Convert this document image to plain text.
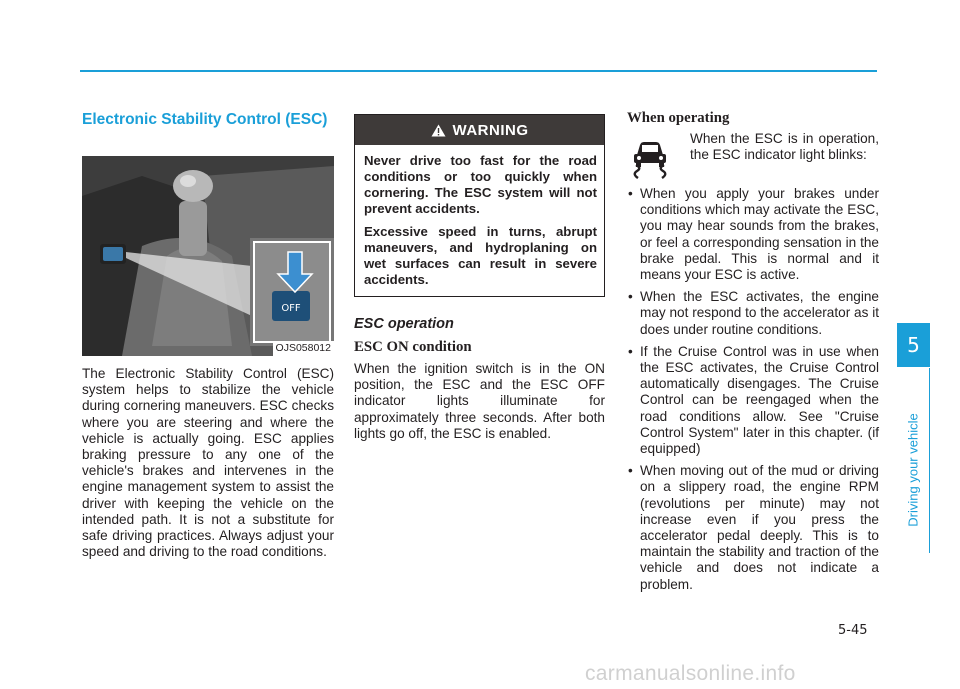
Electronic Stability Control (ESC)
OFF
OJS058012
The Electronic Stability Control (ESC) system helps to stabilize the vehicle during cornering maneuvers. ESC checks where you are steering and where the vehicle is actually going. ESC applies braking pressure to any one of the vehicle's brakes and intervenes in the engine management system to assist the driver with keeping the vehicle on the intended path. It is not a substitute for safe driving practices. Always adjust your speed and driving to the road conditions.
WARNING

Never drive too fast for the road conditions or too quickly when cornering. The ESC system will not prevent accidents.

Excessive speed in turns, abrupt maneuvers, and hydroplaning on wet surfaces can result in severe accidents.

ESC operation
ESC ON condition
When the ignition switch is in the ON position, the ESC and the ESC OFF indicator lights illuminate for approximately three seconds. After both lights go off, the ESC is enabled.
When operating
When the ESC is in operation, the ESC indicator light blinks:
• When you apply your brakes under conditions which may activate the ESC, you may hear sounds from the brakes, or feel a corresponding sensation in the brake pedal. This is normal and it means your ESC is active.
• When the ESC activates, the engine may not respond to the accelerator as it does under routine conditions.
• If the Cruise Control was in use when the ESC activates, the Cruise Control automatically disengages. The Cruise Control can be reengaged when the road conditions allow. See "Cruise Control System" later in this chapter. (if equipped)
• When moving out of the mud or driving on a slippery road, the engine RPM (revolutions per minute) may not increase even if you press the accelerator pedal deeply. This is to maintain the stability and traction of the vehicle and does not indicate a problem.
5
Driving your vehicle
5-45
carmanualsonline.info
